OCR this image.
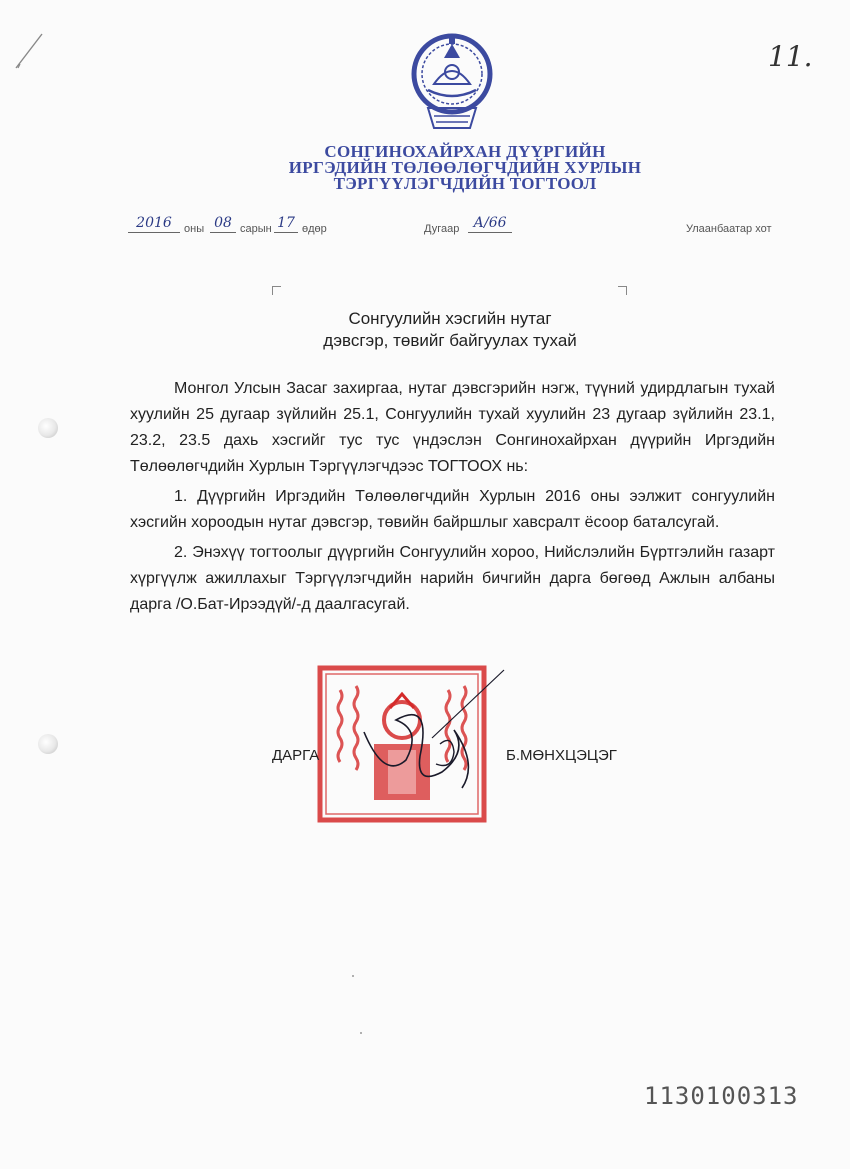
11.
СОНГИНОХАЙРХАН ДҮҮРГИЙН
ИРГЭДИЙН ТӨЛӨӨЛӨГЧДИЙН ХУРЛЫН
ТЭРГҮҮЛЭГЧДИЙН ТОГТООЛ
2016	оны 08 сарын 17 өдөр	Дугаар	А/66	Улаанбаатар хот
Сонгуулийн хэсгийн нутаг
дэвсгэр, төвийг байгуулах тухай

Монгол Улсын Засаг захиргаа, нутаг дэвсгэрийн нэгж, түүний удирдлагын тухай хуулийн 25 дугаар зүйлийн 25.1, Сонгуулийн тухай хуулийн 23 дугаар зүйлийн 23.1, 23.2, 23.5 дахь хэсгийг тус тус үндэслэн Сонгинохайрхан дүүрийн Иргэдийн Төлөөлөгчдийн Хурлын Тэргүүлэгчдээс ТОГТООХ нь:

1. Дүүргийн Иргэдийн Төлөөлөгчдийн Хурлын 2016 оны ээлжит сонгуулийн хэсгийн хороодын нутаг дэвсгэр, төвийн байршлыг хавсралт ёсоор баталсугай.

2. Энэхүү тогтоолыг дүүргийн Сонгуулийн хороо, Нийслэлийн Бүртгэлийн газарт хүргүүлж ажиллахыг Тэргүүлэгчдийн нарийн бичгийн дарга бөгөөд Ажлын албаны дарга /О.Бат-Ирээдүй/-д даалгасугай.

ДАРГА	Б.МӨНХЦЭЦЭГ
1130100313
